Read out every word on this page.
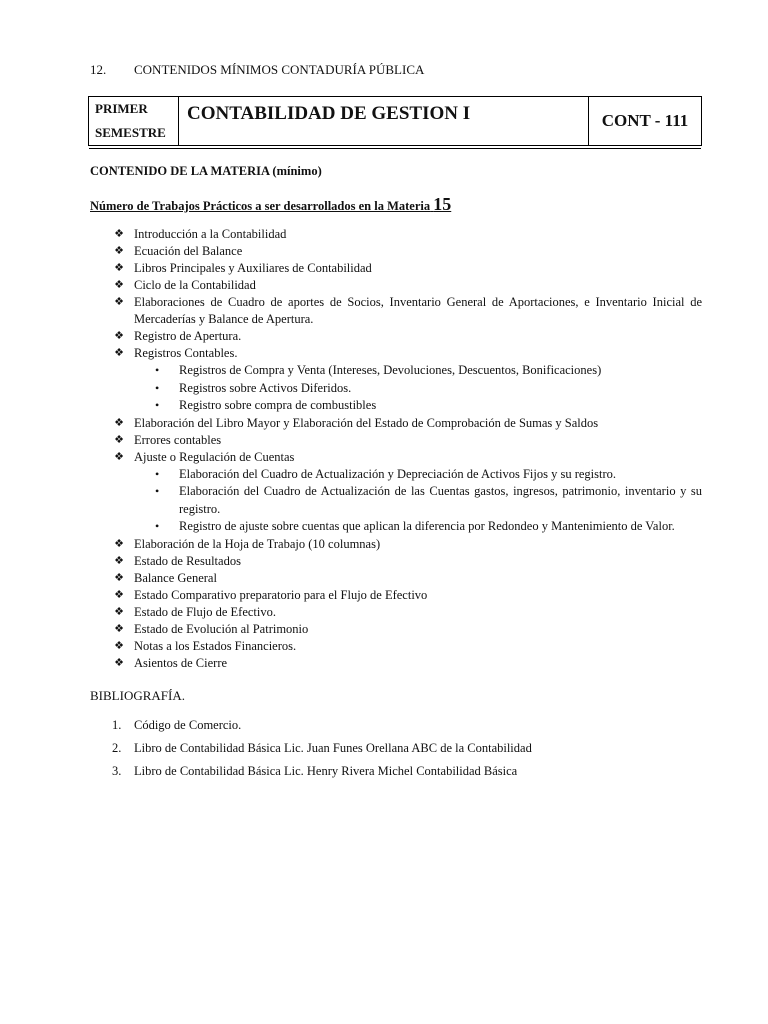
12.	CONTENIDOS MÍNIMOS CONTADURÍA PÚBLICA
PRIMER
SEMESTRE
CONTABILIDAD DE GESTION I	CONT - 111
CONTENIDO DE LA MATERIA (mínimo)
Número de Trabajos Prácticos a ser desarrollados en la Materia 15
❖ Introducción a la Contabilidad
❖ Ecuación del Balance
❖ Libros Principales y Auxiliares de Contabilidad
❖ Ciclo de la Contabilidad
❖ Elaboraciones de Cuadro de aportes de Socios, Inventario General de Aportaciones, e Inventario Inicial de Mercaderías y Balance de Apertura.
❖ Registro de Apertura.
❖ Registros Contables.
• Registros de Compra y Venta (Intereses, Devoluciones, Descuentos, Bonificaciones)
• Registros sobre Activos Diferidos.
• Registro sobre compra de combustibles
❖ Elaboración del Libro Mayor y Elaboración del Estado de Comprobación de Sumas y Saldos
❖ Errores contables
❖ Ajuste o Regulación de Cuentas
• Elaboración del Cuadro de Actualización y Depreciación de Activos Fijos y su registro.
• Elaboración del Cuadro de Actualización de las Cuentas gastos, ingresos, patrimonio, inventario y su registro.
• Registro de ajuste sobre cuentas que aplican la diferencia por Redondeo y Mantenimiento de Valor.
❖ Elaboración de la Hoja de Trabajo (10 columnas)
❖ Estado de Resultados
❖ Balance General
❖ Estado Comparativo preparatorio para el Flujo de Efectivo
❖ Estado de Flujo de Efectivo.
❖ Estado de Evolución al Patrimonio
❖ Notas a los Estados Financieros.
❖ Asientos de Cierre
BIBLIOGRAFÍA.
1.	Código de Comercio.
2.	Libro de Contabilidad Básica Lic. Juan Funes Orellana ABC de la Contabilidad
3.	Libro de Contabilidad Básica Lic. Henry Rivera Michel Contabilidad Básica
